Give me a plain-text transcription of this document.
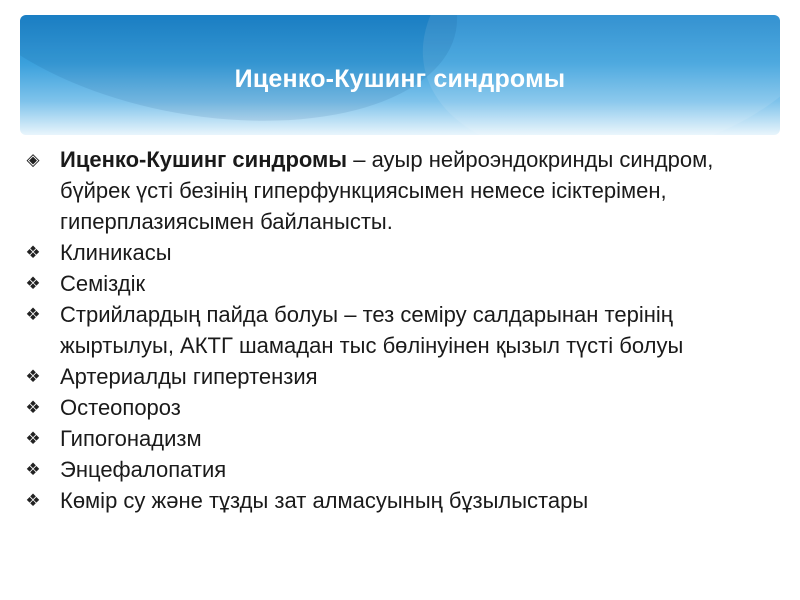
Иценко-Кушинг синдромы
◈ Иценко-Кушинг синдромы – ауыр нейроэндокринды синдром, бүйрек үсті безінің гиперфункциясымен немесе ісіктерімен, гиперплазиясымен байланысты.
❖ Клиникасы
❖ Семіздік
❖ Стрийлардың пайда болуы – тез семіру салдарынан терінің жыртылуы, АКТГ шамадан тыс бөлінуінен қызыл түсті болуы
❖ Артериалды гипертензия
❖ Остеопороз
❖ Гипогонадизм
❖ Энцефалопатия
❖ Көмір су және тұзды зат алмасуының бұзылыстары
